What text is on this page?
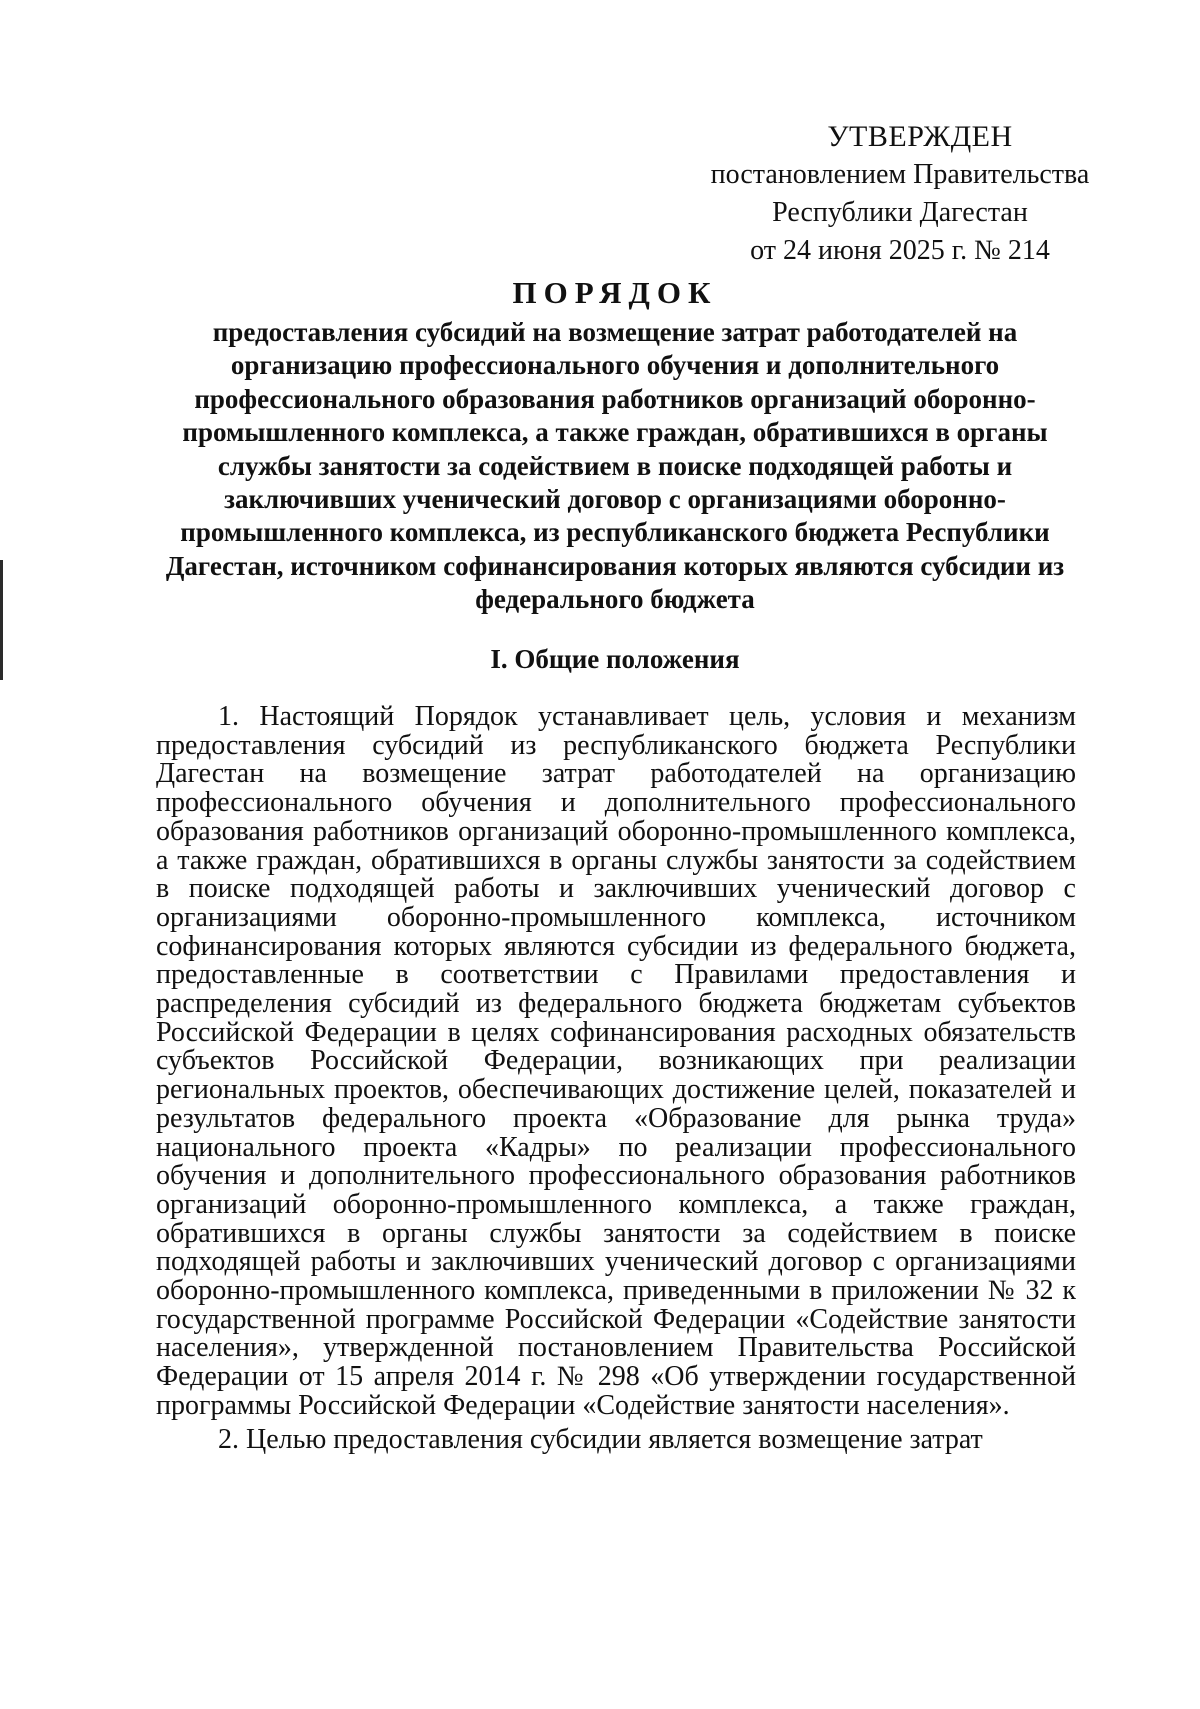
УТВЕРЖДЕН
постановлением Правительства
Республики Дагестан
от 24 июня 2025 г. № 214
ПОРЯДОК
предоставления субсидий на возмещение затрат работодателей на организацию профессионального обучения и дополнительного профессионального образования работников организаций оборонно-промышленного комплекса, а также граждан, обратившихся в органы службы занятости за содействием в поиске подходящей работы и заключивших ученический договор с организациями оборонно-промышленного комплекса, из республиканского бюджета Республики Дагестан, источником софинансирования которых являются субсидии из федерального бюджета
I. Общие положения

1. Настоящий Порядок устанавливает цель, условия и механизм предоставления субсидий из республиканского бюджета Республики Дагестан на возмещение затрат работодателей на организацию профессионального обучения и дополнительного профессионального образования работников организаций оборонно-промышленного комплекса, а также граждан, обратившихся в органы службы занятости за содействием в поиске подходящей работы и заключивших ученический договор с организациями оборонно-промышленного комплекса, источником софинансирования которых являются субсидии из федерального бюджета, предоставленные в соответствии с Правилами предоставления и распределения субсидий из федерального бюджета бюджетам субъектов Российской Федерации в целях софинансирования расходных обязательств субъектов Российской Федерации, возникающих при реализации региональных проектов, обеспечивающих достижение целей, показателей и результатов федерального проекта «Образование для рынка труда» национального проекта «Кадры» по реализации профессионального обучения и дополнительного профессионального образования работников организаций оборонно-промышленного комплекса, а также граждан, обратившихся в органы службы занятости за содействием в поиске подходящей работы и заключивших ученический договор с организациями оборонно-промышленного комплекса, приведенными в приложении № 32 к государственной программе Российской Федерации «Содействие занятости населения», утвержденной постановлением Правительства Российской Федерации от 15 апреля 2014 г. № 298 «Об утверждении государственной программы Российской Федерации «Содействие занятости населения».

2. Целью предоставления субсидии является возмещение затрат
